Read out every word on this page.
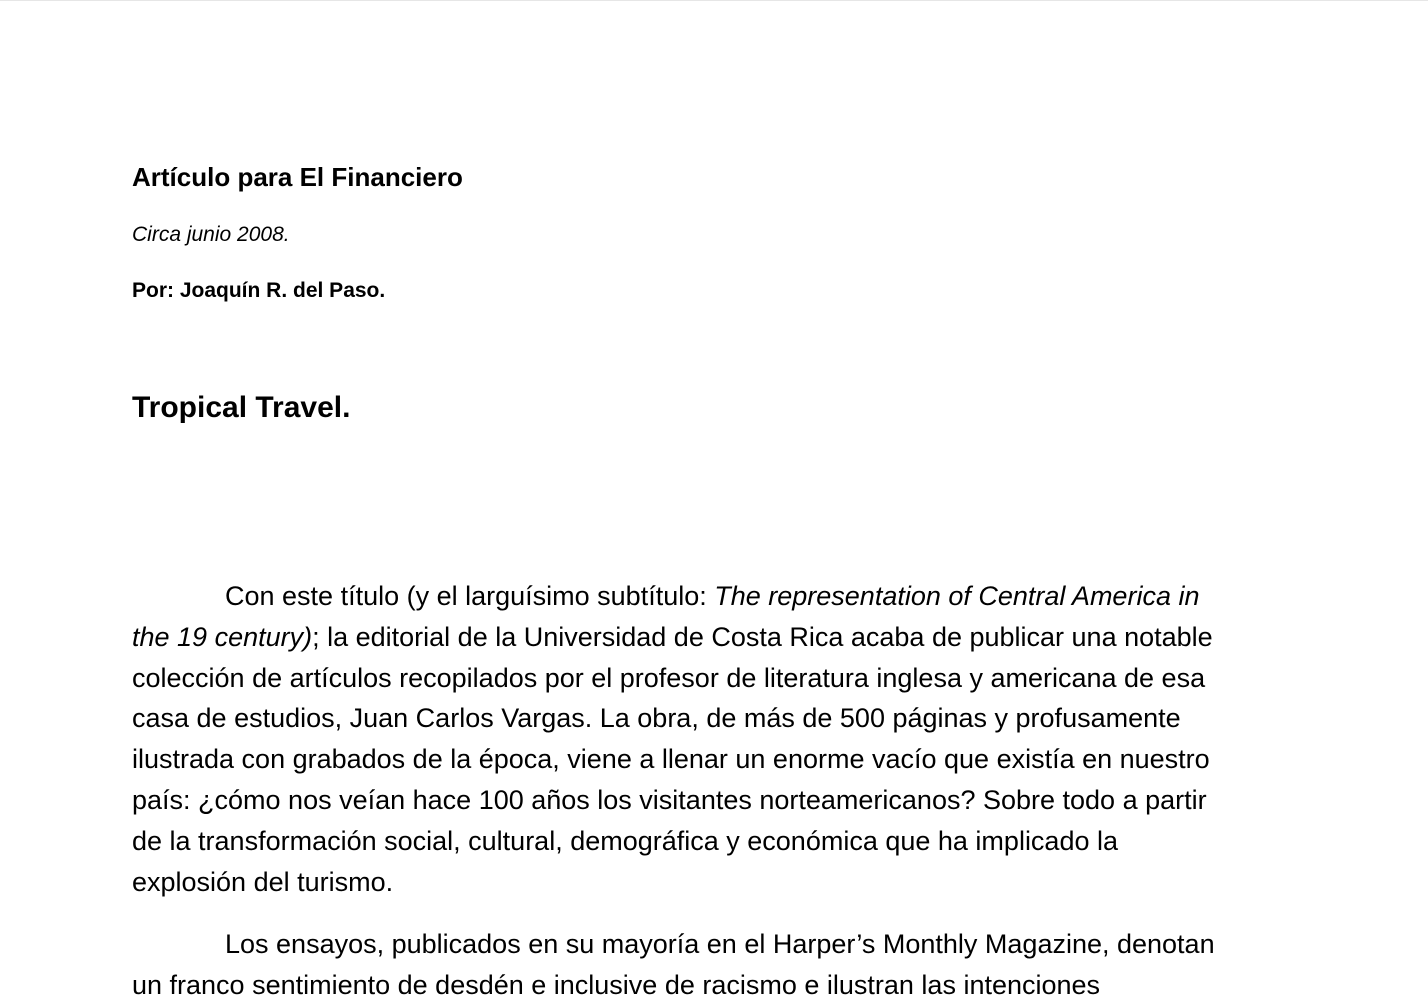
Artículo para El Financiero
Circa junio 2008.
Por: Joaquín R. del Paso.
Tropical Travel.
Con este título (y el larguísimo subtítulo: The representation of Central America in
the 19 century); la editorial de la Universidad de Costa Rica acaba de publicar una notable
colección de artículos recopilados por el profesor de literatura inglesa y americana de esa
casa de estudios, Juan Carlos Vargas. La obra, de más de 500 páginas y profusamente
ilustrada con grabados de la época, viene a llenar un enorme vacío que existía en nuestro
país: ¿cómo nos veían hace 100 años los visitantes norteamericanos? Sobre todo a partir
de la transformación social, cultural, demográfica y económica que ha implicado la
explosión del turismo.
Los ensayos, publicados en su mayoría en el Harper’s Monthly Magazine, denotan
un franco sentimiento de desdén e inclusive de racismo e ilustran las intenciones
